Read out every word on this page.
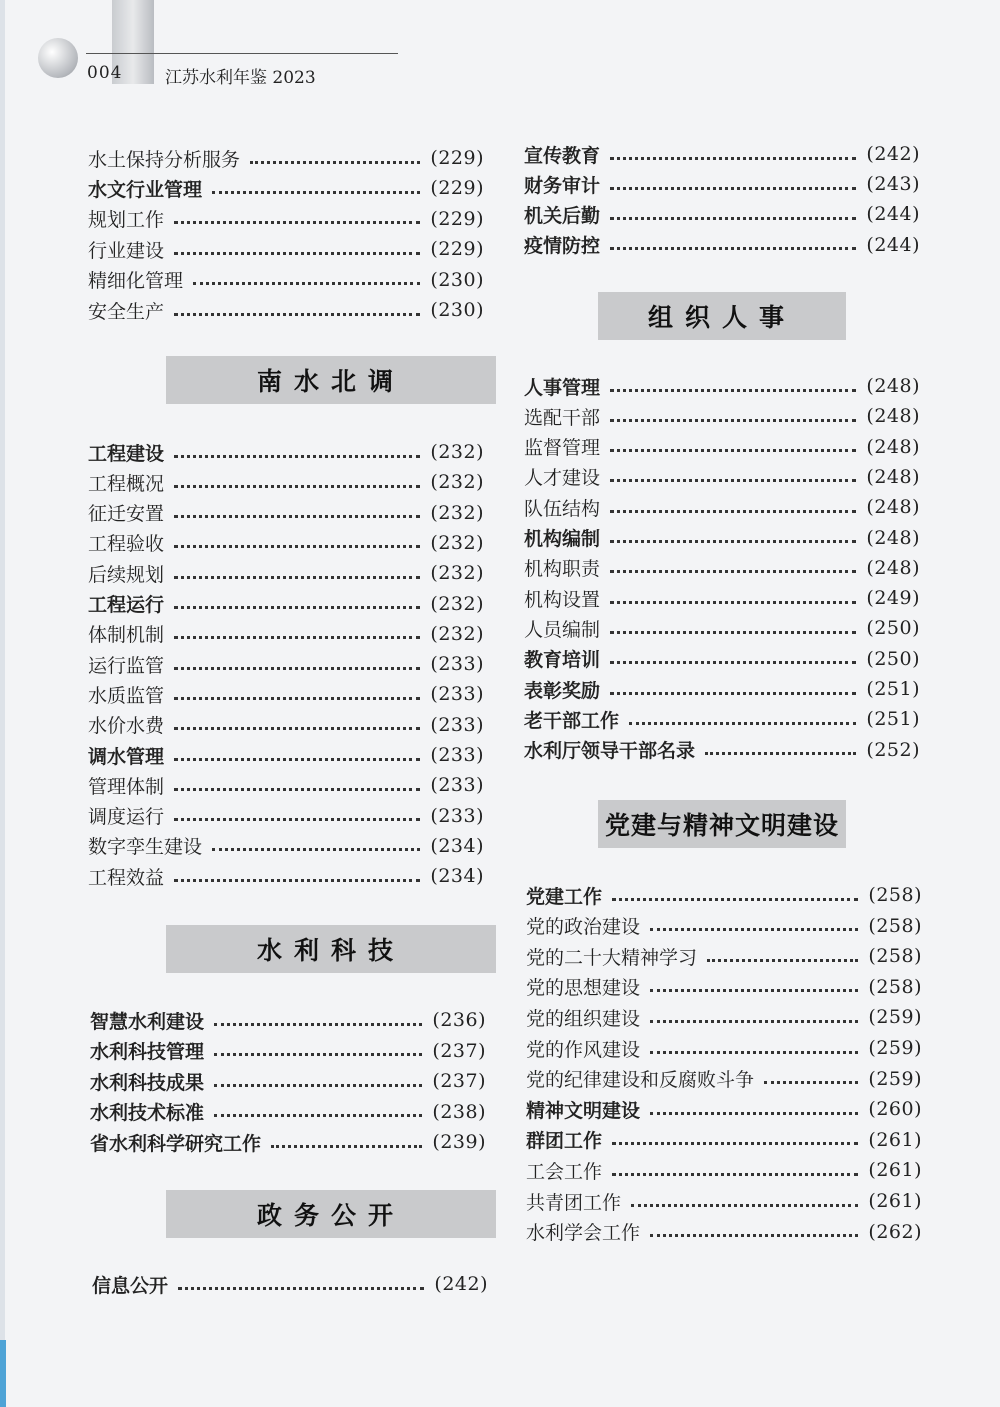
004	江苏水利年鉴 2023
水土保持分析服务	(229)
水文行业管理	(229)
规划工作	(229)
行业建设	(229)
精细化管理	(230)
安全生产	(230)
南水北调
工程建设	(232)
工程概况	(232)
征迁安置	(232)
工程验收	(232)
后续规划	(232)
工程运行	(232)
体制机制	(232)
运行监管	(233)
水质监管	(233)
水价水费	(233)
调水管理	(233)
管理体制	(233)
调度运行	(233)
数字孪生建设	(234)
工程效益	(234)
水利科技
智慧水利建设	(236)
水利科技管理	(237)
水利科技成果	(237)
水利技术标准	(238)
省水利科学研究工作	(239)
政务公开
信息公开	(242)
宣传教育	(242)
财务审计	(243)
机关后勤	(244)
疫情防控	(244)
组织人事
人事管理	(248)
选配干部	(248)
监督管理	(248)
人才建设	(248)
队伍结构	(248)
机构编制	(248)
机构职责	(248)
机构设置	(249)
人员编制	(250)
教育培训	(250)
表彰奖励	(251)
老干部工作	(251)
水利厅领导干部名录	(252)
党建与精神文明建设
党建工作	(258)
党的政治建设	(258)
党的二十大精神学习	(258)
党的思想建设	(258)
党的组织建设	(259)
党的作风建设	(259)
党的纪律建设和反腐败斗争	(259)
精神文明建设	(260)
群团工作	(261)
工会工作	(261)
共青团工作	(261)
水利学会工作	(262)
